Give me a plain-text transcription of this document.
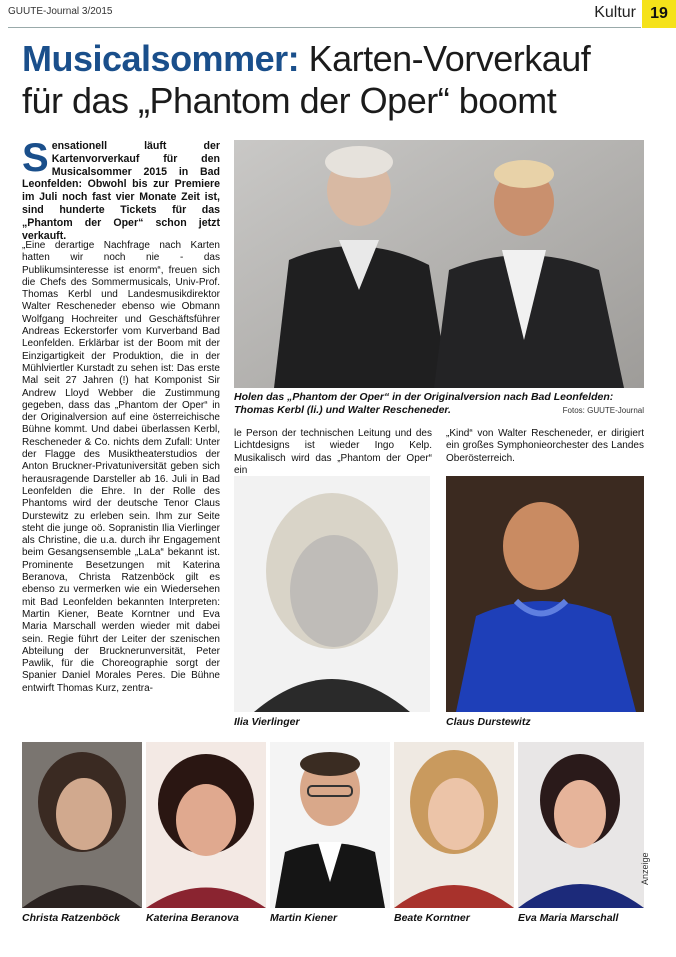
GUUTE-Journal 3/2015	Kultur 19
Musicalsommer: Karten-Vorverkauf
für das „Phantom der Oper“ boomt
Sensationell läuft der Kartenvorverkauf für den Musicalsommer 2015 in Bad Leonfelden: Obwohl bis zur Premiere im Juli noch fast vier Monate Zeit ist, sind hunderte Tickets für das „Phantom der Oper“ schon jetzt verkauft.
„Eine derartige Nachfrage nach Karten hatten wir noch nie - das Publikumsinteresse ist enorm“, freuen sich die Chefs des Sommermusicals, Univ-Prof. Thomas Kerbl und Landesmusikdirektor Walter Rescheneder ebenso wie Obmann Wolfgang Hochreiter und Geschäftsführer Andreas Eckerstorfer vom Kurverband Bad Leonfelden. Erklärbar ist der Boom mit der Einzigartigkeit der Produktion, die in der Mühlviertler Kurstadt zu sehen ist: Das erste Mal seit 27 Jahren (!) hat Komponist Sir Andrew Lloyd Webber die Zustimmung gegeben, dass das „Phantom der Oper“ in der Originalversion auf eine österreichische Bühne kommt. Und dabei überlassen Kerbl, Rescheneder & Co. nichts dem Zufall: Unter der Flagge des Musiktheaterstudios der Anton Bruckner-Privatuniversität geben sich herausragende Darsteller ab 16. Juli in Bad Leonfelden die Ehre. In der Rolle des Phantoms wird der deutsche Tenor Claus Durstewitz zu erleben sein. Ihm zur Seite steht die junge oö. Sopranistin Ilia Vierlinger als Christine, die u.a. durch ihr Engagement beim Gesangsensemble „LaLa“ bekannt ist. Prominente Besetzungen mit Katerina Beranova, Christa Ratzenböck gilt es ebenso zu vermerken wie ein Wiedersehen mit Bad Leonfelden bekannten Interpreten: Martin Kiener, Beate Korntner und Eva Maria Marschall werden wieder mit dabei sein. Regie führt der Leiter der szenischen Abteilung der Brucknerunversität, Peter Pawlik, für die Choreographie sorgt der Spanier Daniel Morales Peres. Die Bühne entwirft Thomas Kurz, zentra-
Holen das „Phantom der Oper“ in der Originalversion nach Bad Leonfelden: Thomas Kerbl (li.) und Walter Rescheneder.	Fotos: GUUTE-Journal
le Person der technischen Leitung und des Lichtdesigns ist wieder Ingo Kelp. Musikalisch wird das „Phantom der Oper“ ein
„Kind“ von Walter Rescheneder, er dirigiert ein großes Symphonieorchester des Landes Oberösterreich.
Ilia Vierlinger	Claus Durstewitz
Christa Ratzenböck Katerina Beranova	Martin Kiener	Beate Korntner	Eva Maria Marschall
Anzeige
